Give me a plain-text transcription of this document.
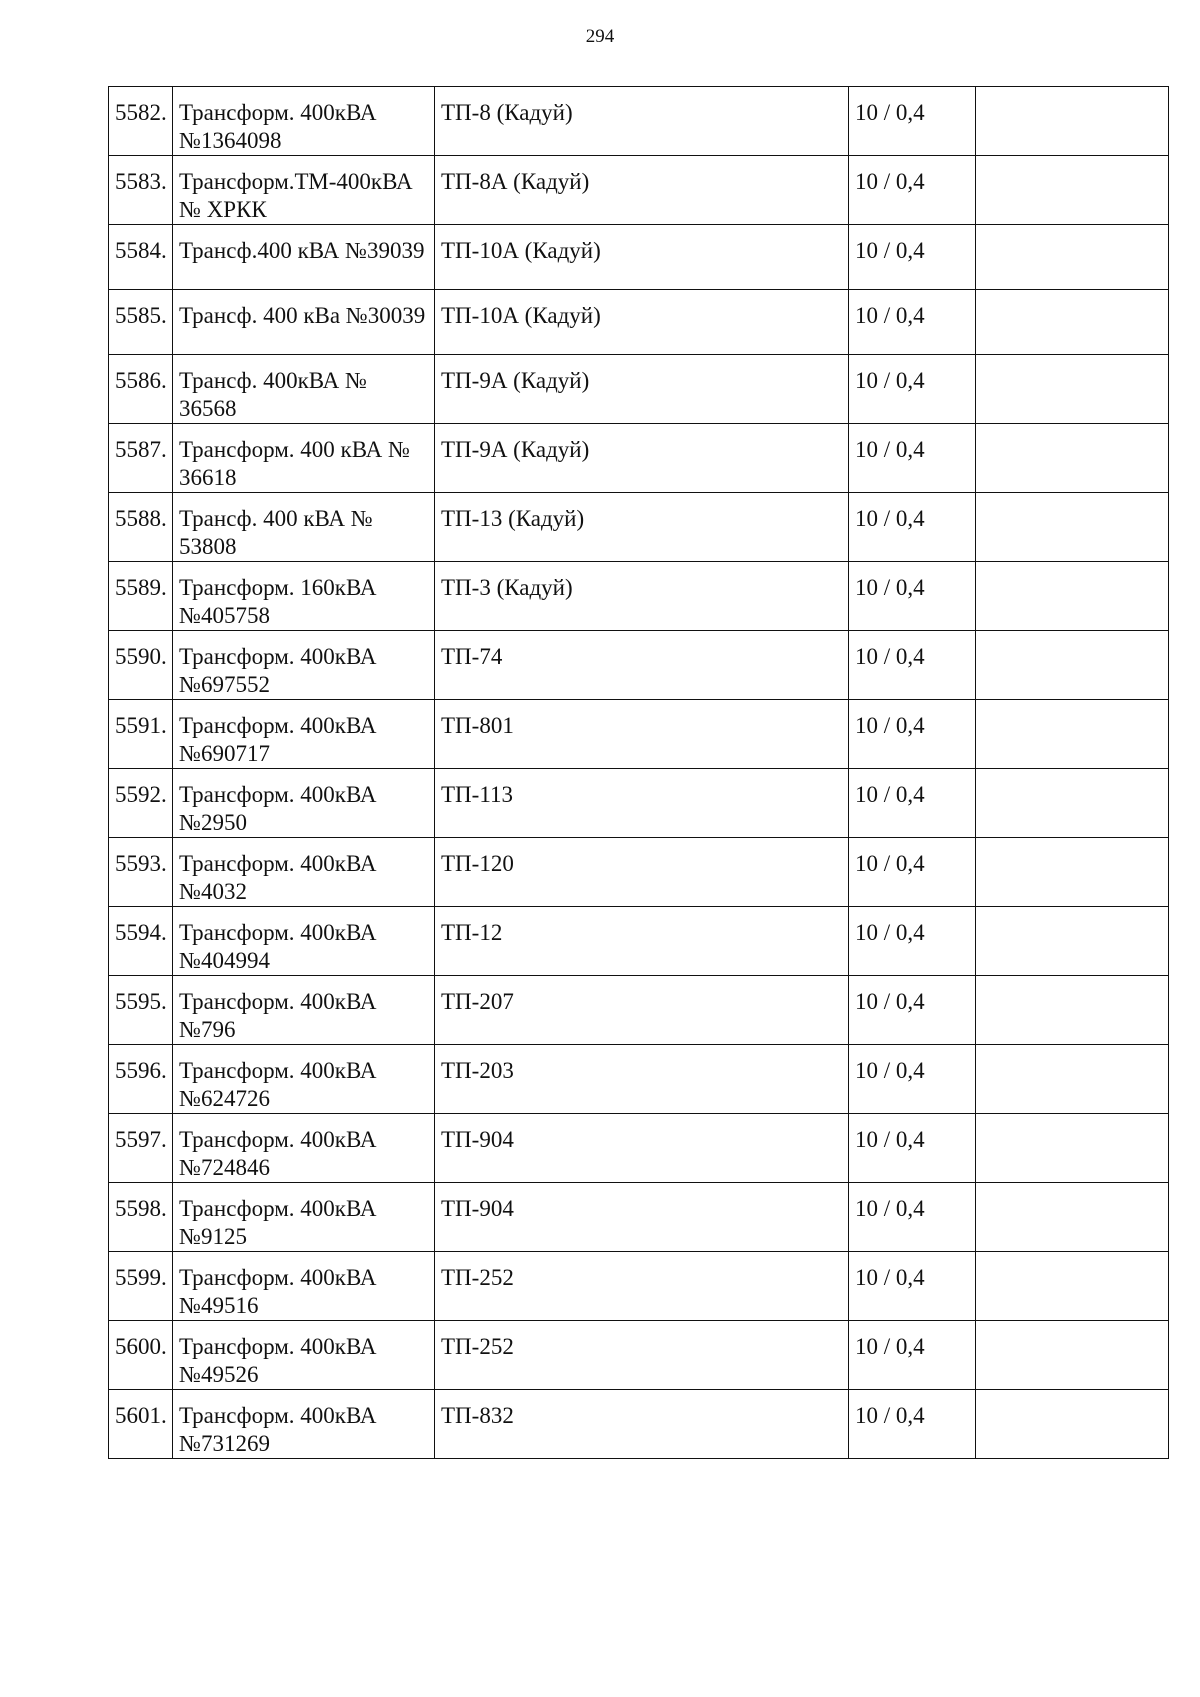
294
5582.	Трансформ. 400кВА №1364098	ТП-8 (Кадуй)	10 / 0,4	
5583.	Трансформ.ТМ-400кВА № ХРКК	ТП-8А (Кадуй)	10 / 0,4	
5584.	Трансф.400 кВА №39039	ТП-10А (Кадуй)	10 / 0,4	
5585.	Трансф. 400 кВа №30039	ТП-10А (Кадуй)	10 / 0,4	
5586.	Трансф. 400кВА № 36568	ТП-9А (Кадуй)	10 / 0,4	
5587.	Трансформ. 400 кВА № 36618	ТП-9А (Кадуй)	10 / 0,4	
5588.	Трансф. 400 кВА № 53808	ТП-13 (Кадуй)	10 / 0,4	
5589.	Трансформ. 160кВА №405758	ТП-3 (Кадуй)	10 / 0,4	
5590.	Трансформ. 400кВА №697552	ТП-74	10 / 0,4	
5591.	Трансформ. 400кВА №690717	ТП-801	10 / 0,4	
5592.	Трансформ. 400кВА №2950	ТП-113	10 / 0,4	
5593.	Трансформ. 400кВА №4032	ТП-120	10 / 0,4	
5594.	Трансформ. 400кВА №404994	ТП-12	10 / 0,4	
5595.	Трансформ. 400кВА №796	ТП-207	10 / 0,4	
5596.	Трансформ. 400кВА №624726	ТП-203	10 / 0,4	
5597.	Трансформ. 400кВА №724846	ТП-904	10 / 0,4	
5598.	Трансформ. 400кВА №9125	ТП-904	10 / 0,4	
5599.	Трансформ. 400кВА №49516	ТП-252	10 / 0,4	
5600.	Трансформ. 400кВА №49526	ТП-252	10 / 0,4	
5601.	Трансформ. 400кВА №731269	ТП-832	10 / 0,4	
